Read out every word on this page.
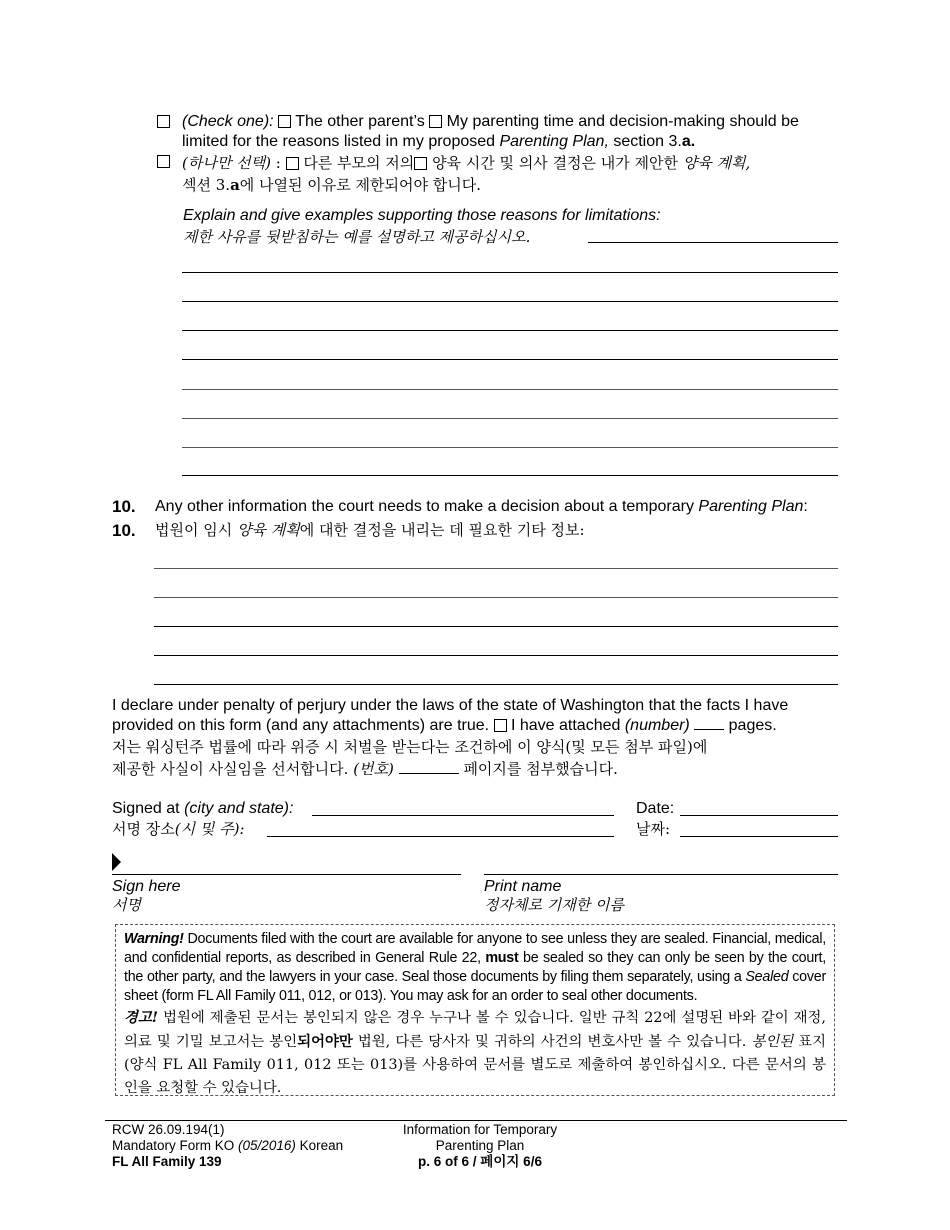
(Check one): The other parent’s My parenting time and decision-making should be
limited for the reasons listed in my proposed Parenting Plan, section 3.a.
(하나만 선택) :  다른 부모의 저의 양육 시간 및 의사 결정은 내가 제안한 양육 계획,
섹션 3.a에 나열된 이유로 제한되어야 합니다.
Explain and give examples supporting those reasons for limitations:
제한 사유를 뒷받침하는 예를 설명하고 제공하십시오.
10. Any other information the court needs to make a decision about a temporary Parenting Plan:
10. 법원이 임시 양육 계획에 대한 결정을 내리는 데 필요한 기타 정보:
I declare under penalty of perjury under the laws of the state of Washington that the facts I have
provided on this form (and any attachments) are true.  I have attached (number)  pages.
저는 워싱턴주 법률에 따라 위증 시 처벌을 받는다는 조건하에 이 양식(및 모든 첨부 파일)에
제공한 사실이 사실임을 선서합니다. (번호)	페이지를 첨부했습니다.
Signed at (city and state):
서명 장소(시 및 주):
Date:
날짜:
Sign here
서명
Print name
정자체로 기재한 이름
Warning! Documents filed with the court are available for anyone to see unless they are sealed. Financial, medical, and confidential reports, as described in General Rule 22, must be sealed so they can only be seen by the court, the other party, and the lawyers in your case. Seal those documents by filing them separately, using a Sealed cover sheet (form FL All Family 011, 012, or 013). You may ask for an order to seal other documents.
경고! 법원에 제출된 문서는 봉인되지 않은 경우 누구나 볼 수 있습니다. 일반 규칙 22에 설명된 바와 같이 재정, 의료 및 기밀 보고서는 봉인되어야만 법원, 다른 당사자 및 귀하의 사건의 변호사만 볼 수 있습니다. 봉인된 표지(양식 FL All Family 011, 012 또는 013)를 사용하여 문서를 별도로 제출하여 봉인하십시오. 다른 문서의 봉인을 요청할 수 있습니다.
RCW 26.09.194(1)
Mandatory Form KO (05/2016) Korean
FL All Family 139
Information for Temporary
Parenting Plan
p. 6 of 6 / 페이지 6/6
